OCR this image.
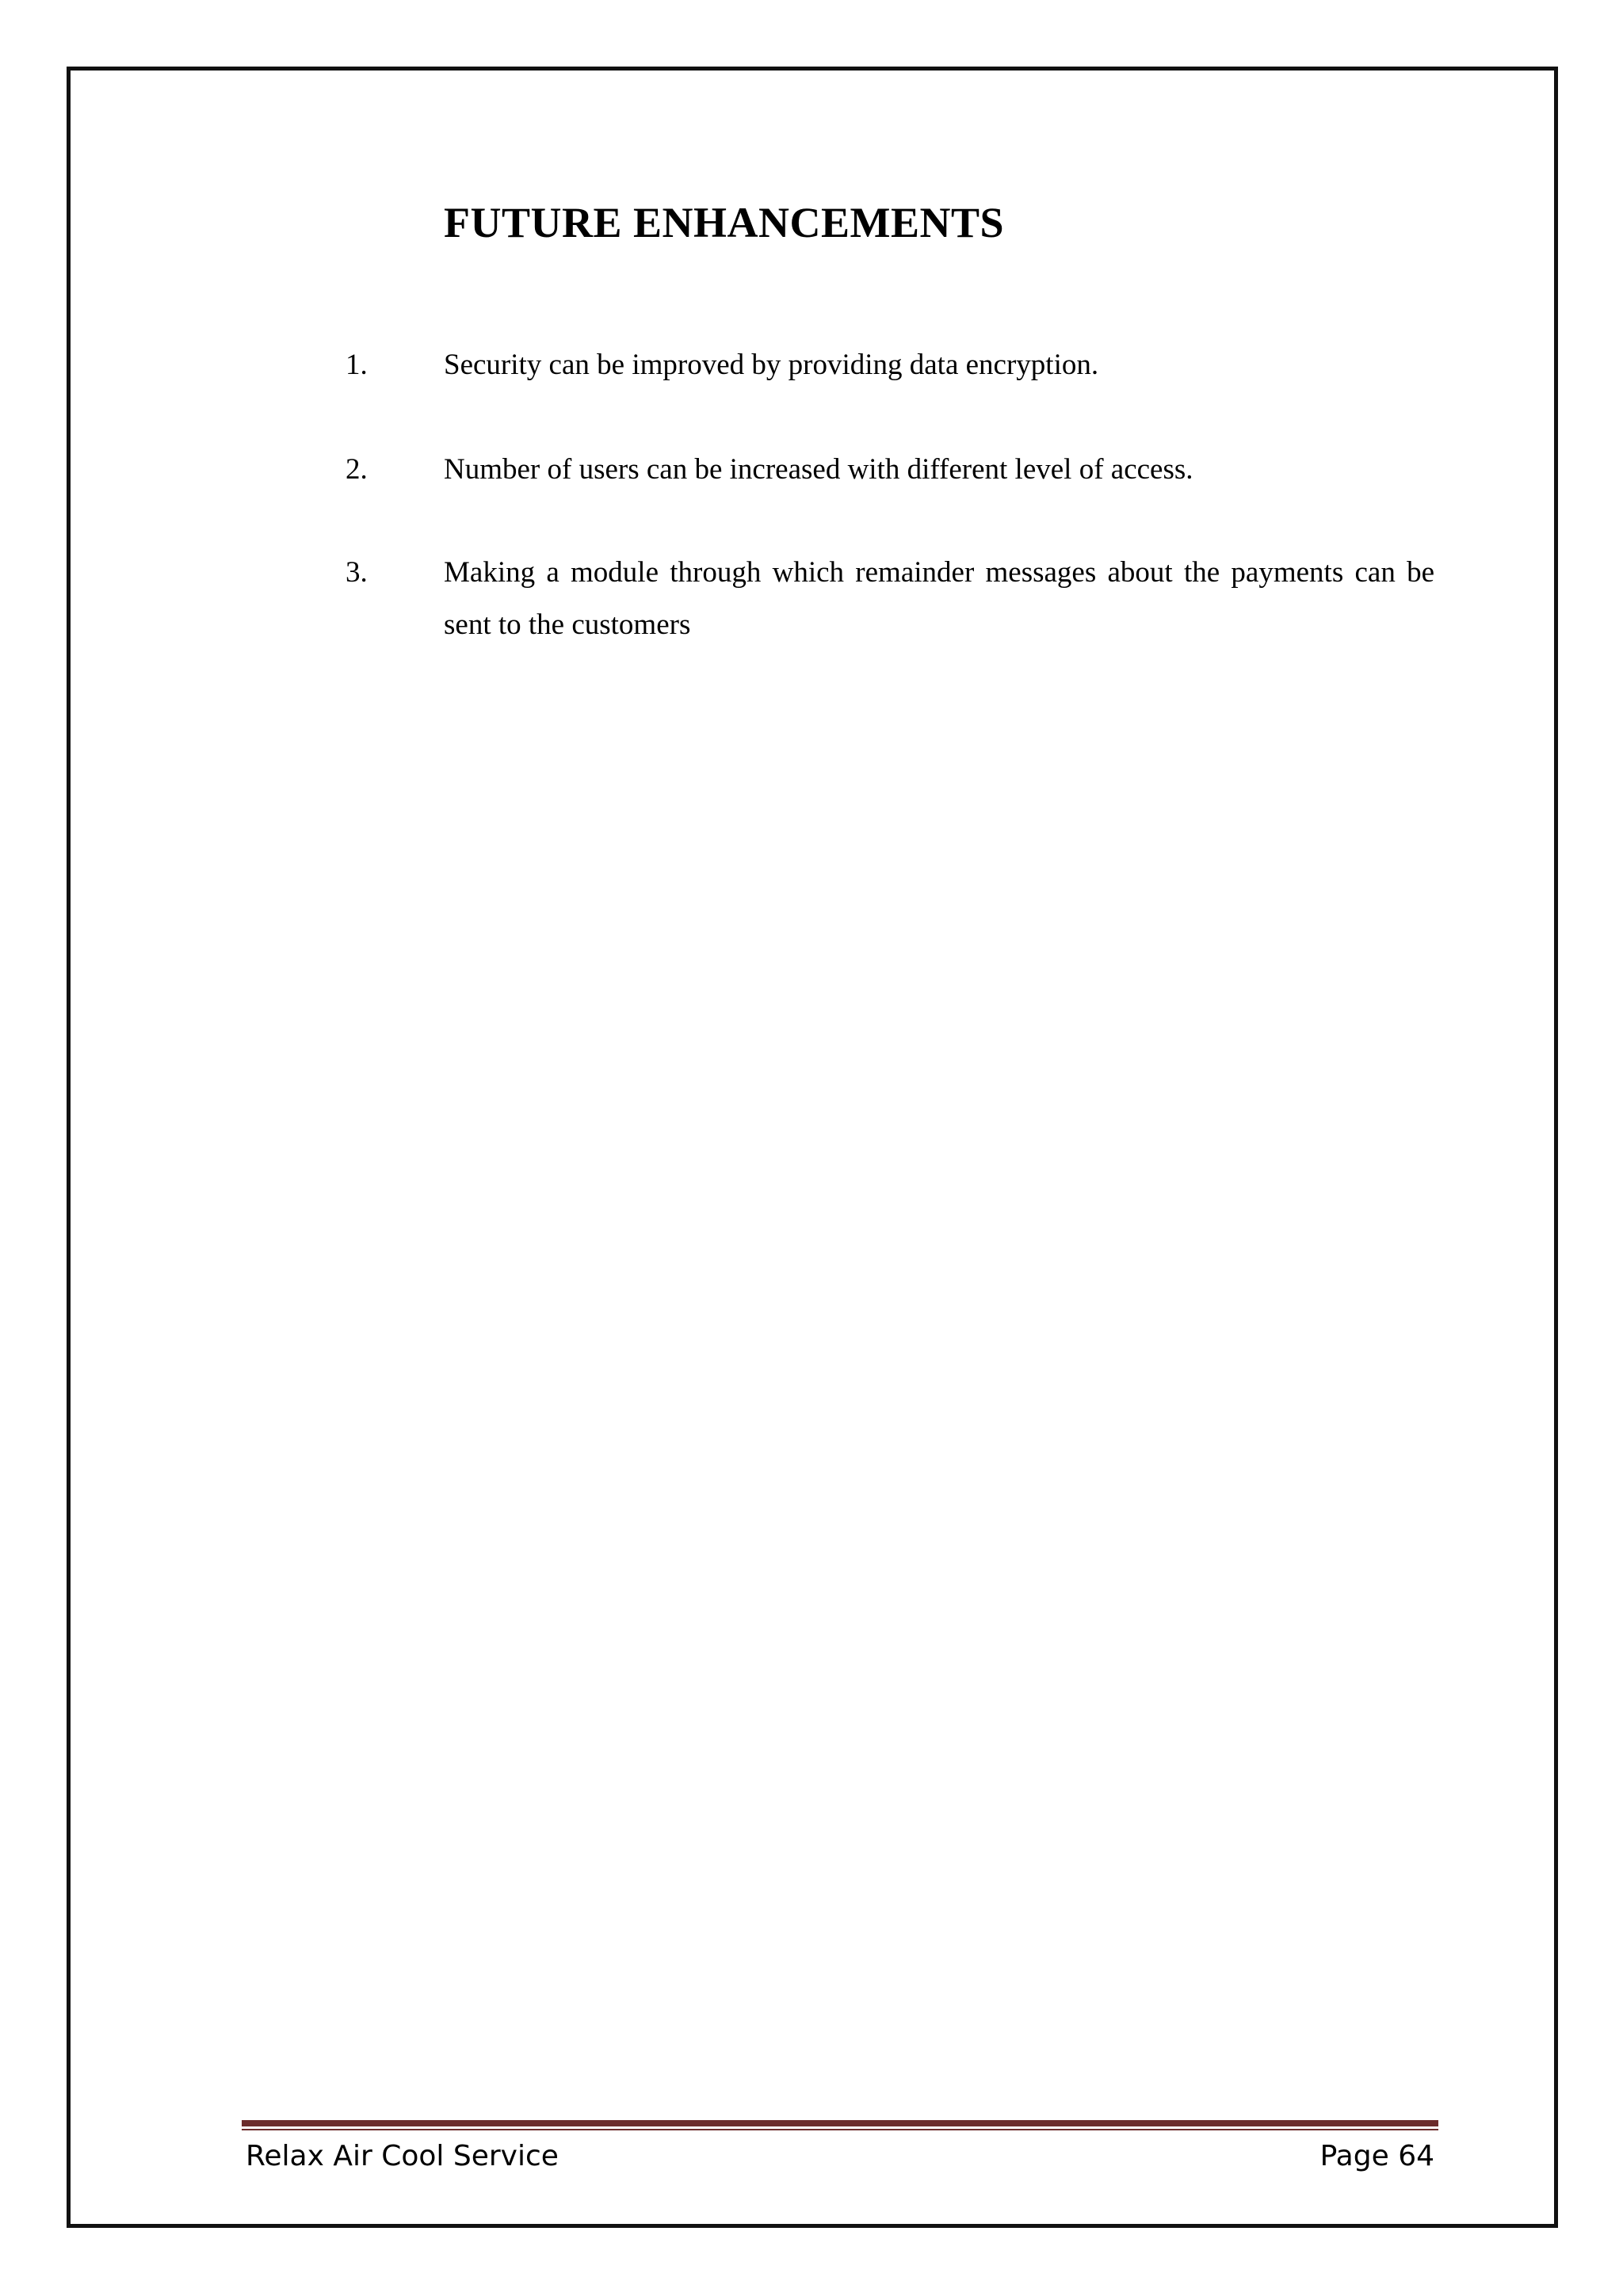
FUTURE ENHANCEMENTS
1.	Security can be improved by providing data encryption.
2.	Number of users can be increased with different level of access.
3.	Making a module through which remainder messages about the payments can be sent to the customers
Relax Air Cool Service	Page 64
